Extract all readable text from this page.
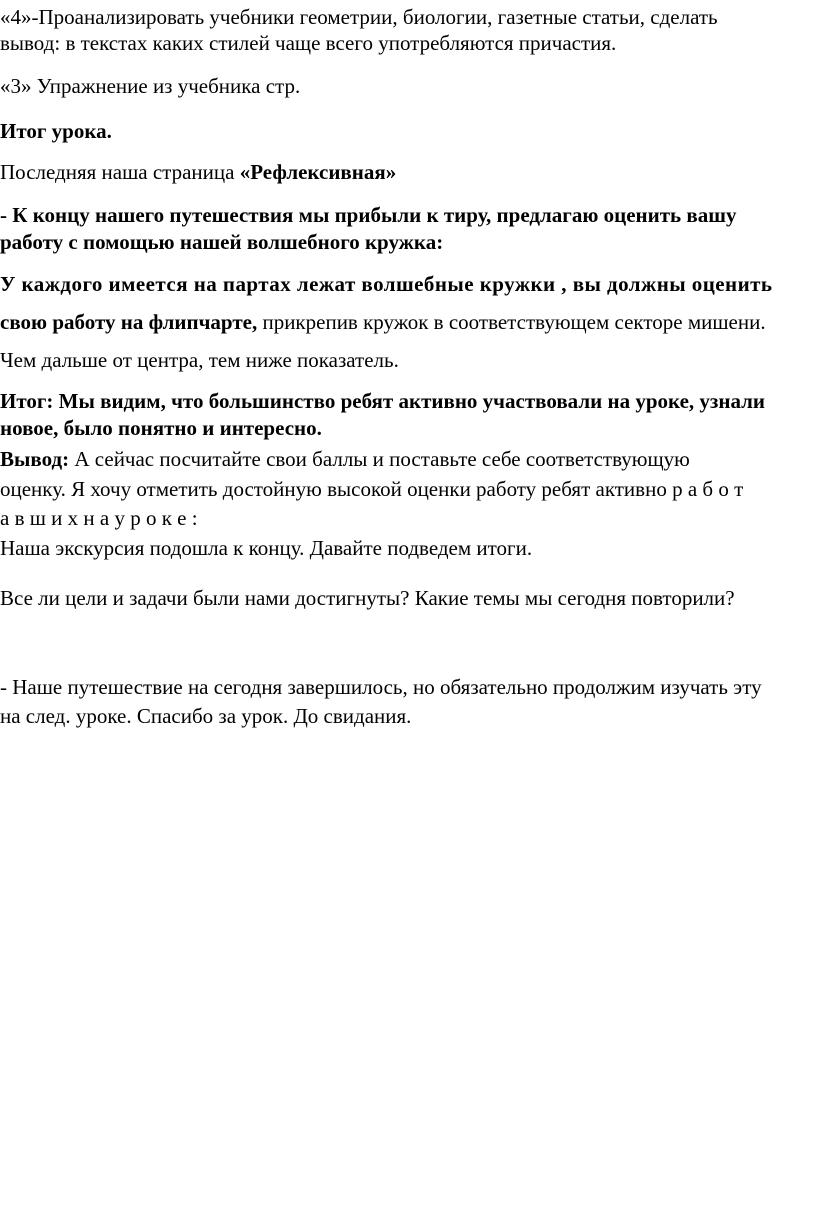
«4»-Проанализировать учебники геометрии, биологии, газетные статьи, сделать

вывод: в текстах каких стилей чаще всего употребляются причастия.

«3» Упражнение из учебника стр.

Итог урока.

Последняя наша страница «Рефлексивная»

- К концу нашего путешествия мы прибыли к тиру, предлагаю оценить вашу

работу с помощью нашей волшебного кружка:

У каждого имеется на партах лежат волшебные кружки , вы должны оценить

свою работу на флипчарте, прикрепив кружок в соответствующем секторе мишени.

Чем дальше от центра, тем ниже показатель.

Итог: Мы видим, что большинство ребят активно участвовали на уроке, узнали

новое, было понятно и интересно.

Вывод: А сейчас посчитайте свои баллы и поставьте себе соответствующую

оценку. Я хочу отметить достойную высокой оценки работу ребят активно р а б о т

а в ш и х н а у р о к е :

Наша экскурсия подошла к концу. Давайте подведем итоги.

Все ли цели и задачи были нами достигнуты? Какие темы мы сегодня повторили?

- Наше путешествие на сегодня завершилось, но обязательно продолжим изучать эту

на след. уроке. Спасибо за урок. До свидания.
